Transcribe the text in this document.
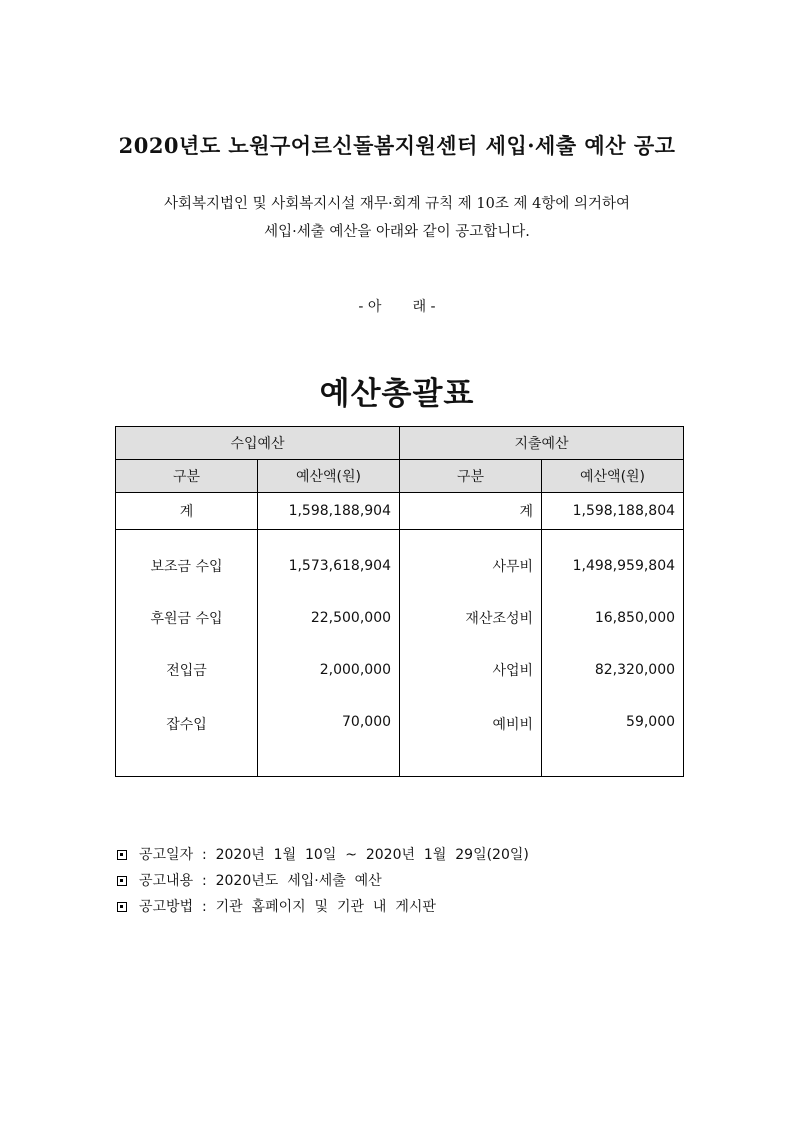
2020년도 노원구어르신돌봄지원센터 세입·세출 예산 공고
사회복지법인 및 사회복지시설 재무·회계 규칙 제 10조 제 4항에 의거하여
세입·세출 예산을 아래와 같이 공고합니다.
- 아       래 -
예산총괄표
수입예산		지출예산	
구분	예산액(원)	구분	예산액(원)
계	1,598,188,904	계	1,598,188,804

보조금 수입	1,573,618,904	사무비	1,498,959,804
후원금 수입	22,500,000	재산조성비	16,850,000
전입금	2,000,000	사업비	82,320,000
잡수입	70,000	예비비	59,000
공고일자  :  2020년  1월  10일  ~  2020년  1월  29일(20일)
공고내용  :  2020년도  세입·세출  예산
공고방법  :  기관  홈페이지  및  기관  내  게시판
